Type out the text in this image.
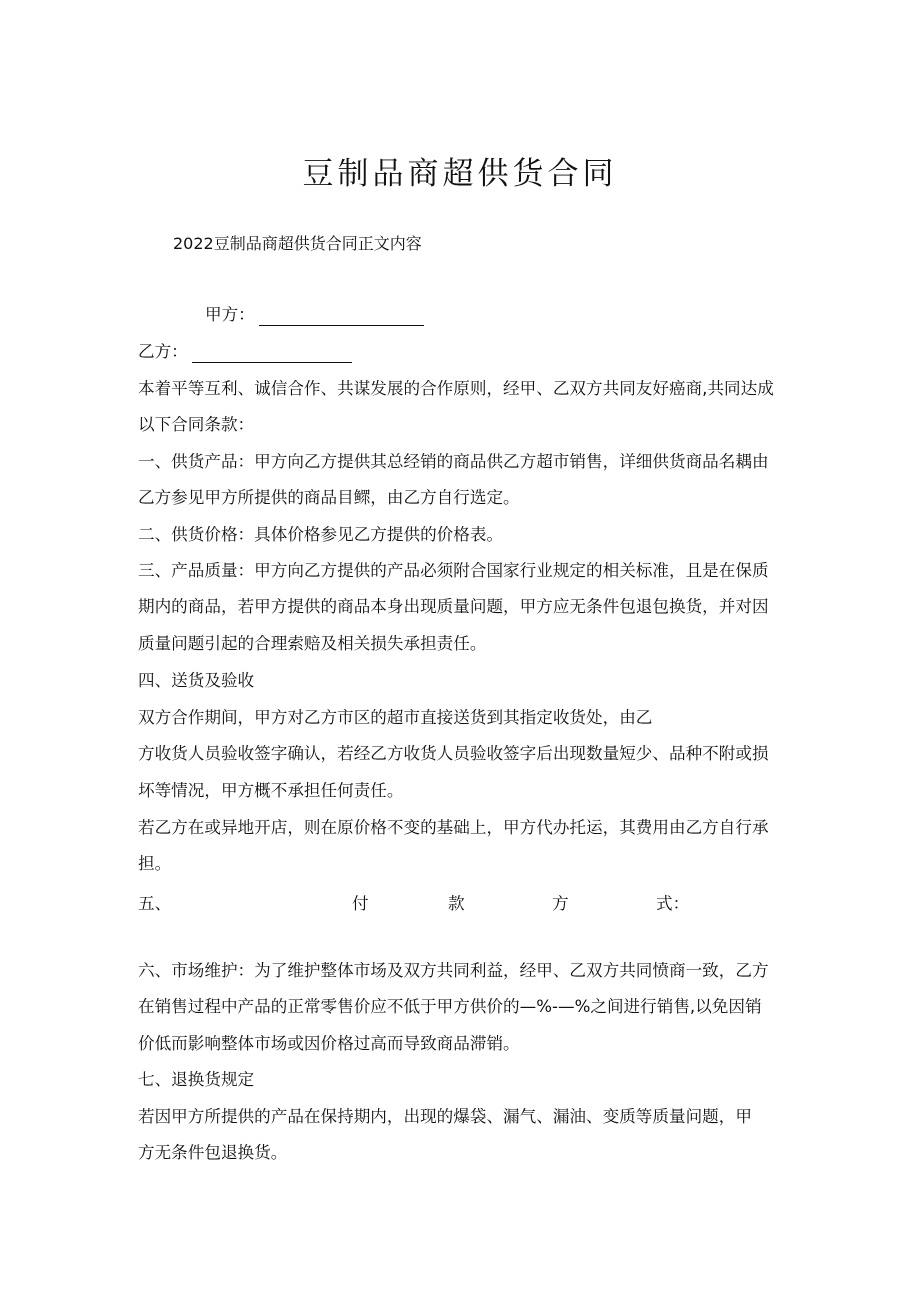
豆制品商超供货合同
2022豆制品商超供货合同正文内容
甲方：
乙方：
本着平等互利、诚信合作、共谋发展的合作原则，经甲、乙双方共同友好癌商,共同达成
以下合同条款：
一、供货产品：甲方向乙方提供其总经销的商品供乙方超市销售，详细供货商品名耦由
乙方参见甲方所提供的商品目鳏，由乙方自行选定。
二、供货价格：具体价格参见乙方提供的价格表。
三、产品质量：甲方向乙方提供的产品必须附合国家行业规定的相关标准，且是在保质
期内的商品，若甲方提供的商品本身出现质量问题，甲方应无条件包退包换货，并对因
质量问题引起的合理索赔及相关损失承担责任。
四、送货及验收
双方合作期间，甲方对乙方市区的超市直接送货到其指定收货处，由乙
方收货人员验收签字确认，若经乙方收货人员验收签字后出现数量短少、品种不附或损
坏等情况，甲方概不承担任何责任。
若乙方在或异地开店，则在原价格不变的基础上，甲方代办托运，其费用由乙方自行承
担。
五、	付	款	方	式：
六、市场维护：为了维护整体市场及双方共同利益，经甲、乙双方共同愤商一致，乙方
在销售过程中产品的正常零售价应不低于甲方供价的—%-—%之间进行销售,以免因销
价低而影响整体市场或因价格过高而导致商品滞销。
七、退换货规定
若因甲方所提供的产品在保持期内，出现的爆袋、漏气、漏油、变质等质量问题，甲
方无条件包退换货。
